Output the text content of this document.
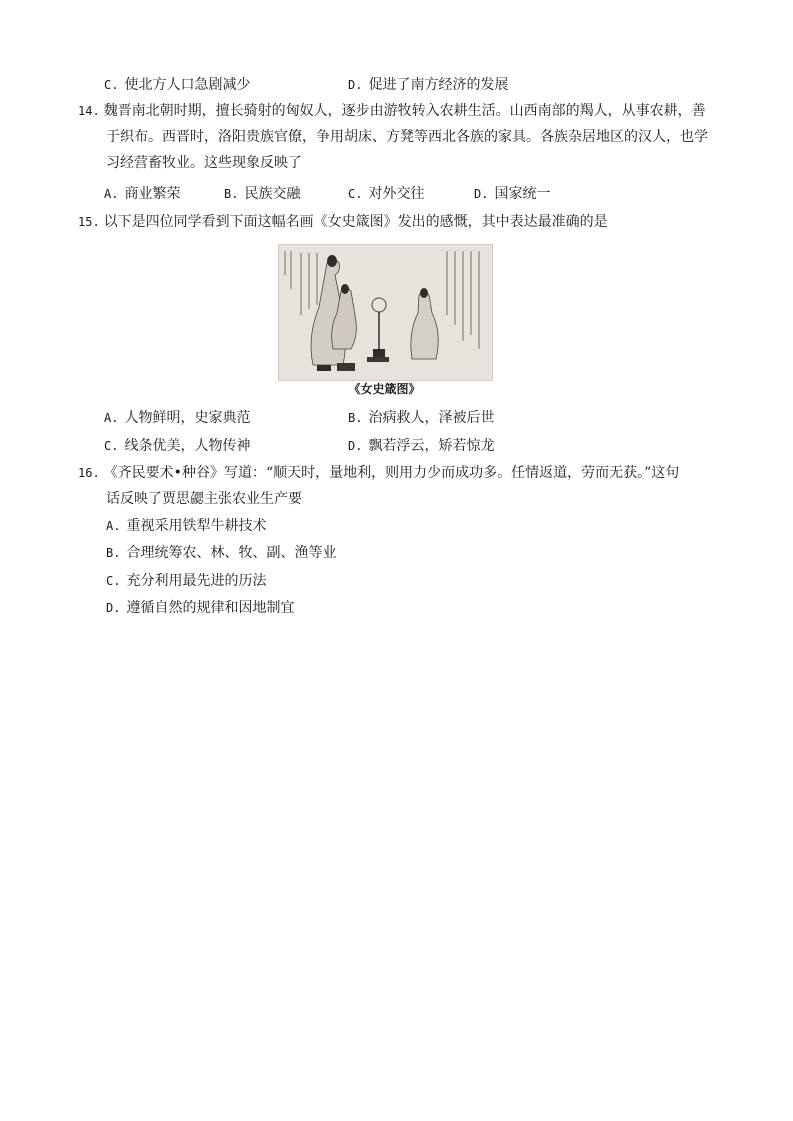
C. 使北方人口急剧减少	D. 促进了南方经济的发展
14. 魏晋南北朝时期，擅长骑射的匈奴人，逐步由游牧转入农耕生活。山西南部的羯人，从事农耕，善
于织布。西晋时，洛阳贵族官僚，争用胡床、方凳等西北各族的家具。各族杂居地区的汉人，也学
习经营畜牧业。这些现象反映了
A. 商业繁荣	B. 民族交融	C. 对外交往	D. 国家统一
15. 以下是四位同学看到下面这幅名画《女史箴图》发出的感慨，其中表达最准确的是
《女史箴图》
A. 人物鲜明，史家典范	B. 治病救人，泽被后世
C. 线条优美，人物传神	D. 飘若浮云，矫若惊龙
16. 《齐民要术•种谷》写道：“顺天时，量地利，则用力少而成功多。任情返道，劳而无获。”这句
话反映了贾思勰主张农业生产要
A. 重视采用铁犁牛耕技术
B. 合理统筹农、林、牧、副、渔等业
C. 充分利用最先进的历法
D. 遵循自然的规律和因地制宜
